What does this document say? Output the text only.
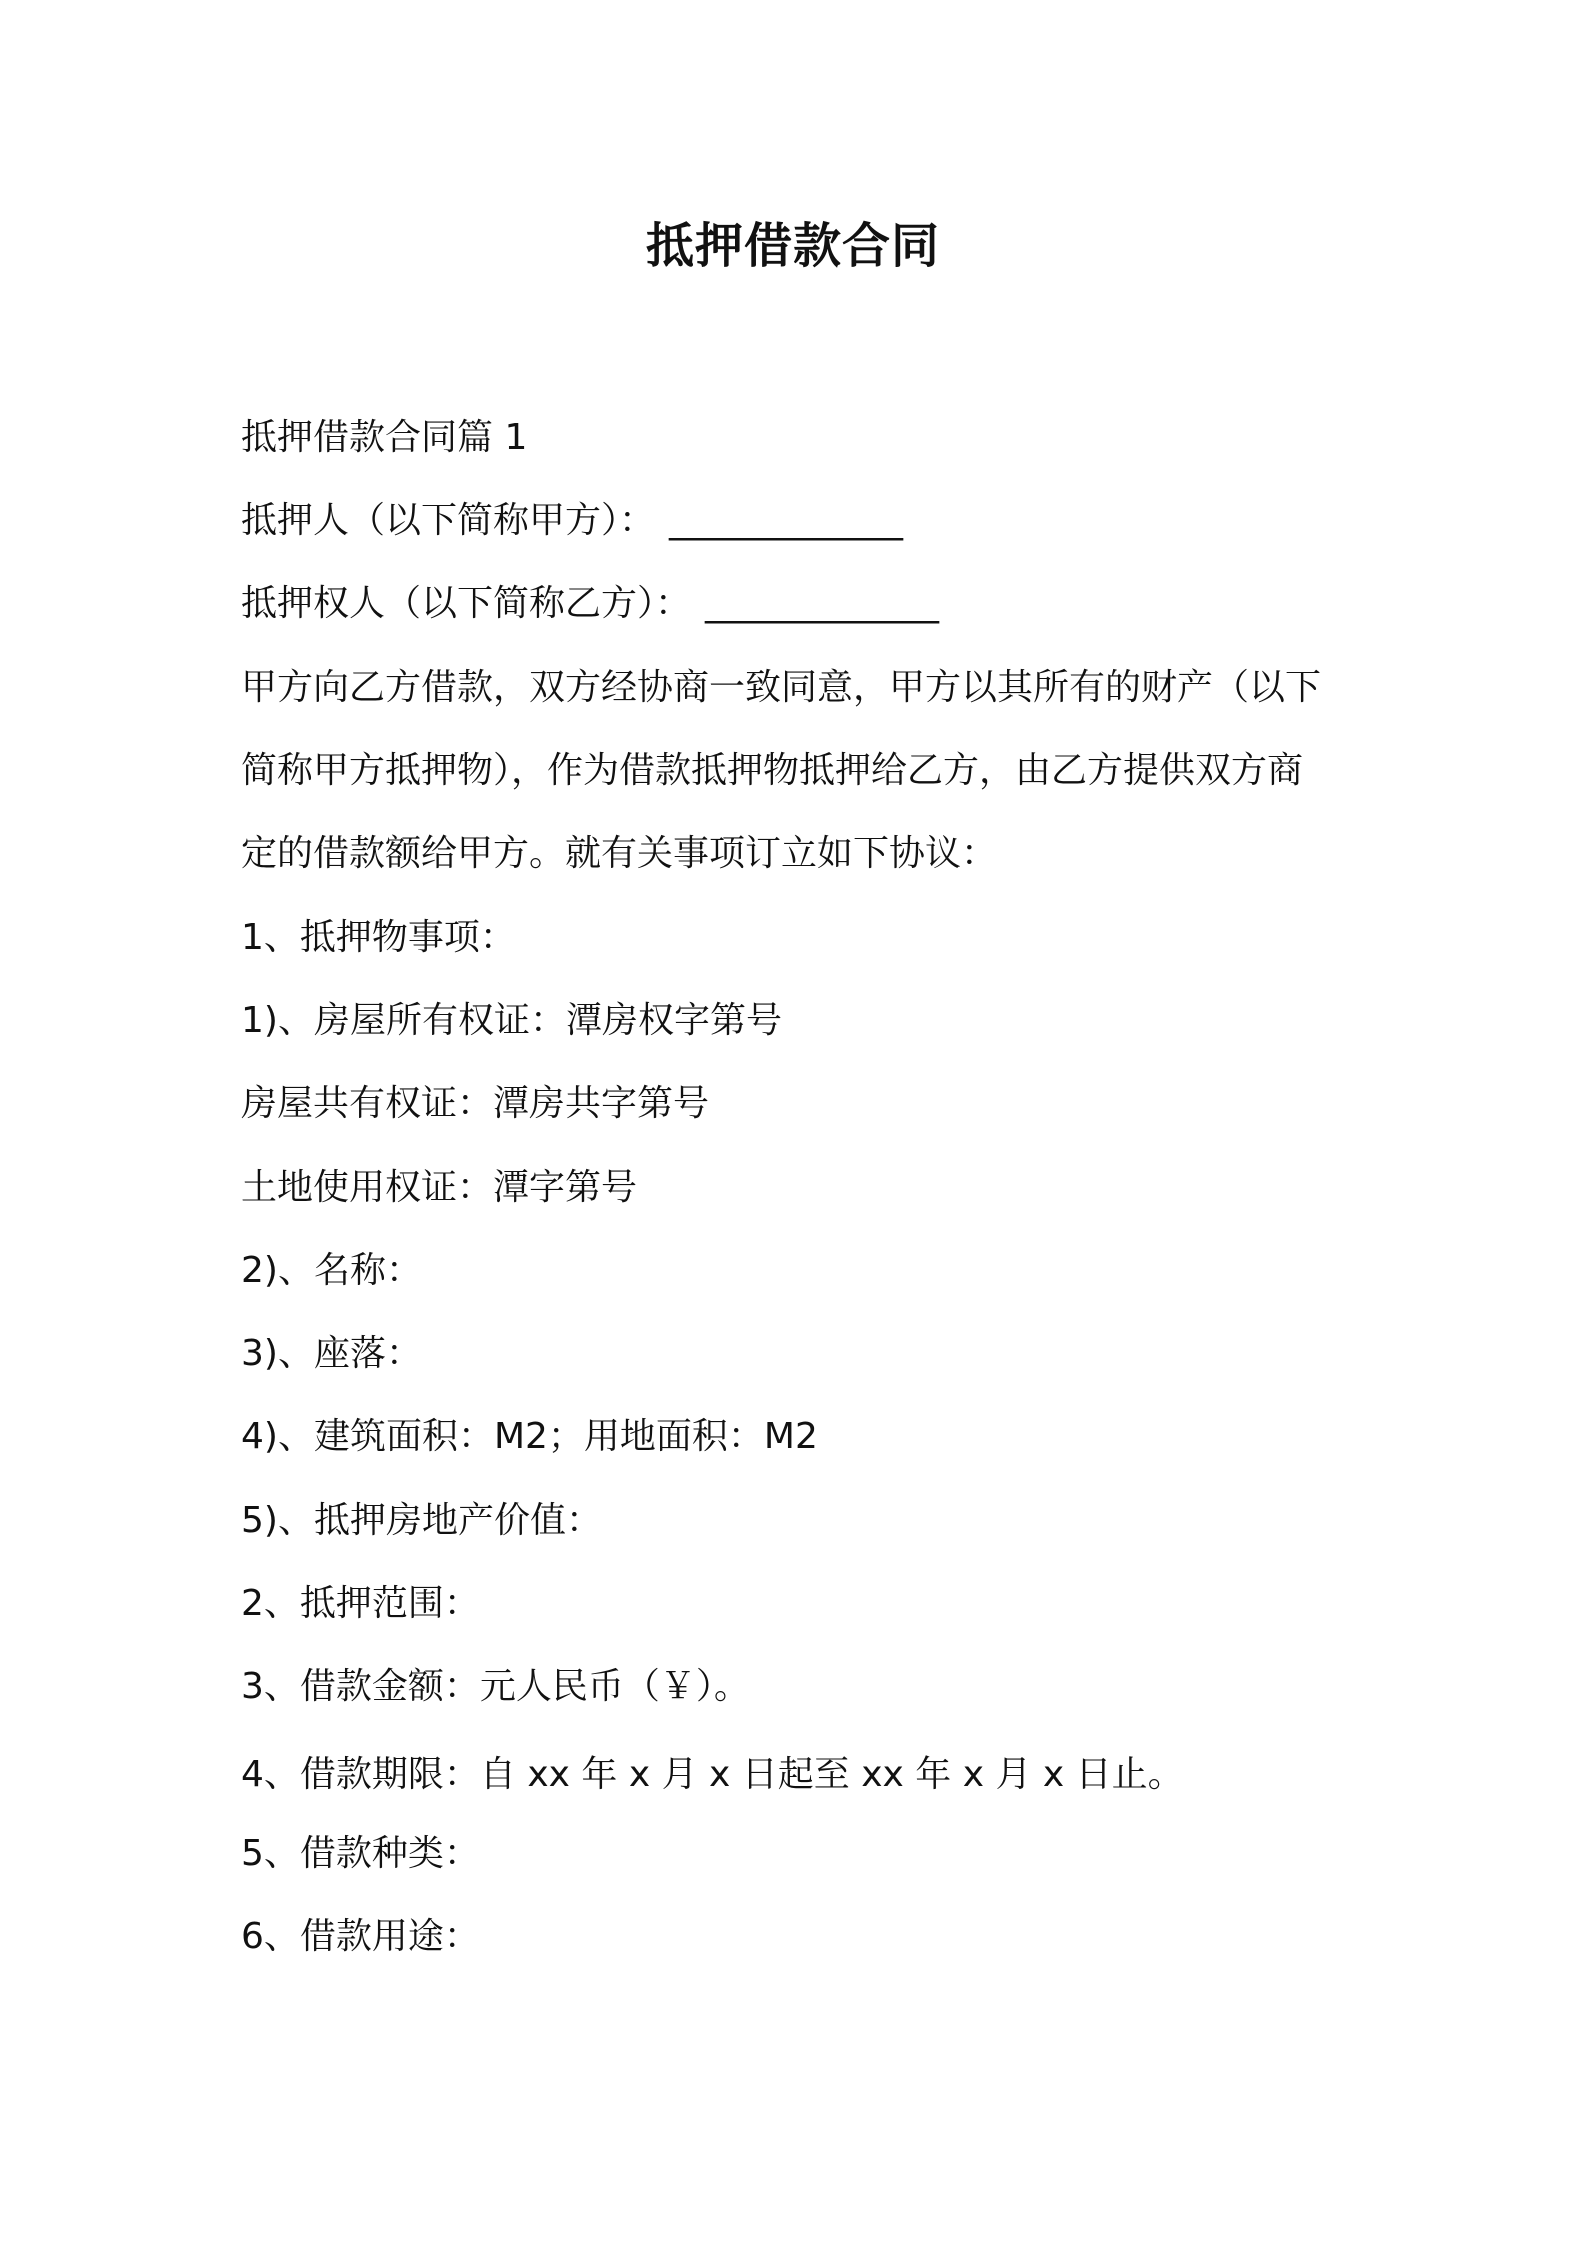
抵押借款合同
抵押借款合同篇 1
抵押人（以下简称甲方）： _____________
抵押权人（以下简称乙方）： _____________
甲方向乙方借款，双方经协商一致同意，甲方以其所有的财产（以下
简称甲方抵押物），作为借款抵押物抵押给乙方，由乙方提供双方商
定的借款额给甲方。就有关事项订立如下协议：
1、抵押物事项：
1)、房屋所有权证：潭房权字第号
房屋共有权证：潭房共字第号
土地使用权证：潭字第号
2)、名称：
3)、座落：
4)、建筑面积：M2；用地面积：M2
5)、抵押房地产价值：
2、抵押范围：
3、借款金额：元人民币（￥）。
4、借款期限：自 xx 年 x 月 x 日起至 xx 年 x 月 x 日止。
5、借款种类：
6、借款用途：
